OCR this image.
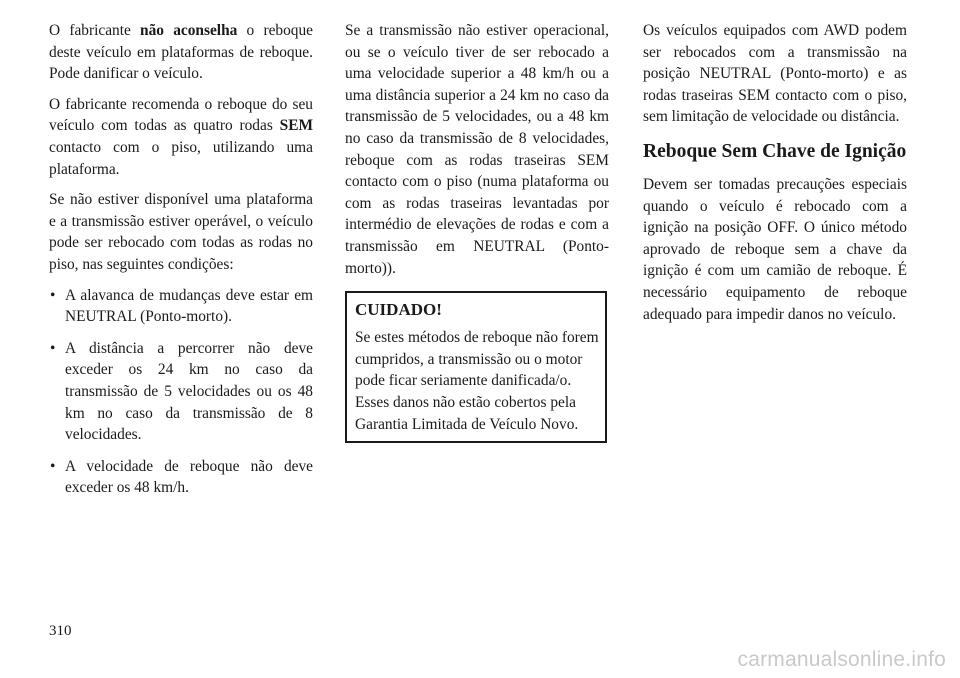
O fabricante não aconselha o reboque deste veículo em plataformas de reboque. Pode danificar o veículo.

O fabricante recomenda o reboque do seu veículo com todas as quatro rodas SEM contacto com o piso, utilizando uma plataforma.

Se não estiver disponível uma plataforma e a transmissão estiver operável, o veículo pode ser rebocado com todas as rodas no piso, nas seguintes condições:

• A alavanca de mudanças deve estar em NEUTRAL (Ponto-morto).
• A distância a percorrer não deve exceder os 24 km no caso da transmissão de 5 velocidades ou os 48 km no caso da transmissão de 8 velocidades.
• A velocidade de reboque não deve exceder os 48 km/h.

Se a transmissão não estiver operacional, ou se o veículo tiver de ser rebocado a uma velocidade superior a 48 km/h ou a uma distância superior a 24 km no caso da transmissão de 5 velocidades, ou a 48 km no caso da transmissão de 8 velocidades, reboque com as rodas traseiras SEM contacto com o piso (numa plataforma ou com as rodas traseiras levantadas por intermédio de elevações de rodas e com a transmissão em NEUTRAL (Ponto-morto)).

CUIDADO!

Se estes métodos de reboque não forem cumpridos, a transmissão ou o motor pode ficar seriamente danificada/o. Esses danos não estão cobertos pela Garantia Limitada de Veículo Novo.

Os veículos equipados com AWD podem ser rebocados com a transmissão na posição NEUTRAL (Ponto-morto) e as rodas traseiras SEM contacto com o piso, sem limitação de velocidade ou distância.

Reboque Sem Chave de Ignição

Devem ser tomadas precauções especiais quando o veículo é rebocado com a ignição na posição OFF. O único método aprovado de reboque sem a chave da ignição é com um camião de reboque. É necessário equipamento de reboque adequado para impedir danos no veículo.

310
carmanualsonline.info
